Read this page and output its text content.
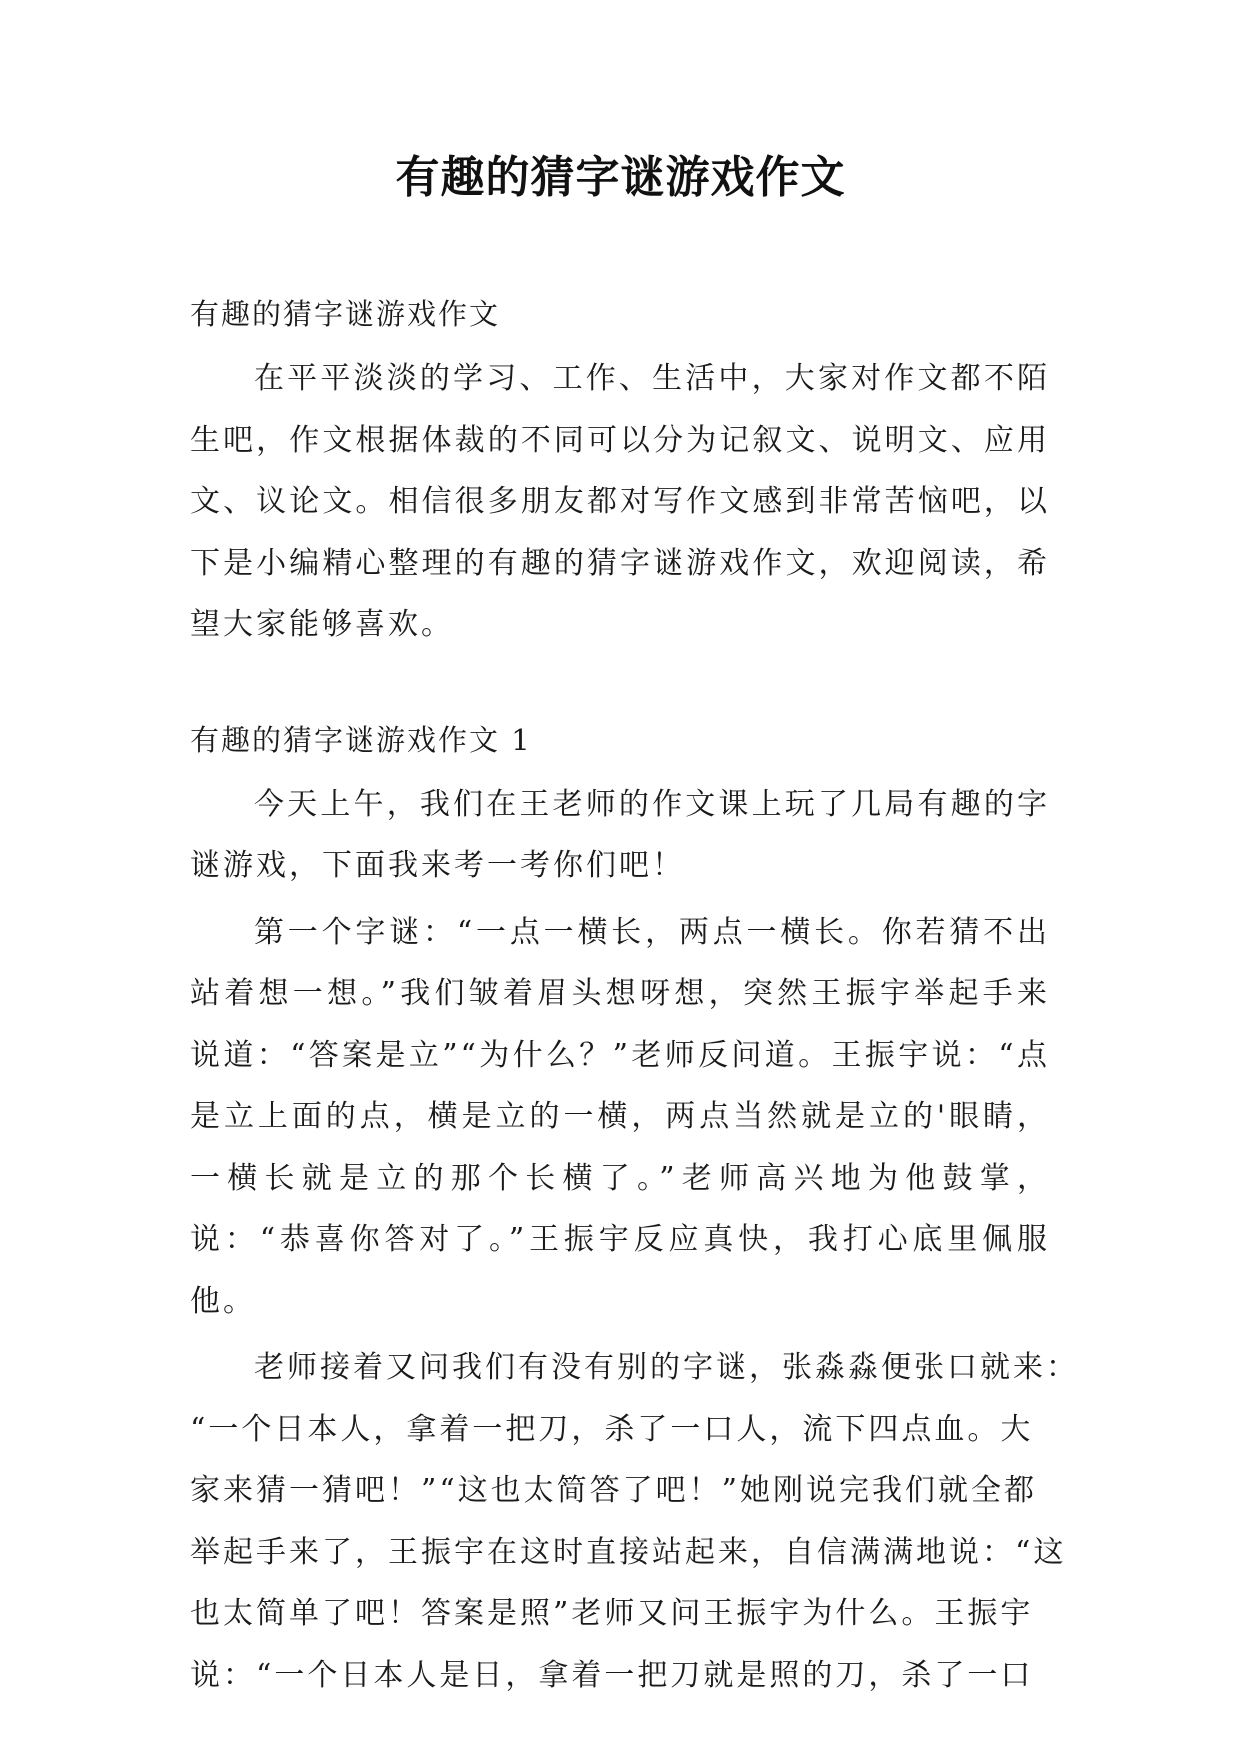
有趣的猜字谜游戏作文

有趣的猜字谜游戏作文

在平平淡淡的学习、工作、生活中，大家对作文都不陌生吧，作文根据体裁的不同可以分为记叙文、说明文、应用文、议论文。相信很多朋友都对写作文感到非常苦恼吧，以下是小编精心整理的有趣的猜字谜游戏作文，欢迎阅读，希望大家能够喜欢。

有趣的猜字谜游戏作文 1

今天上午，我们在王老师的作文课上玩了几局有趣的字谜游戏，下面我来考一考你们吧！

第一个字谜：“一点一横长，两点一横长。你若猜不出站着想一想。”我们皱着眉头想呀想，突然王振宇举起手来说道：“答案是立”“为什么？”老师反问道。王振宇说：“点是立上面的点，横是立的一横，两点当然就是立的'眼睛，一横长就是立的那个长横了。”老师高兴地为他鼓掌，说：“恭喜你答对了。”王振宇反应真快，我打心底里佩服他。

老师接着又问我们有没有别的字谜，张淼淼便张口就来：
“一个日本人，拿着一把刀，杀了一口人，流下四点血。大
家来猜一猜吧！”“这也太简答了吧！”她刚说完我们就全都
举起手来了，王振宇在这时直接站起来，自信满满地说：“这
也太简单了吧！答案是照”老师又问王振宇为什么。王振宇
说：“一个日本人是日，拿着一把刀就是照的刀，杀了一口
